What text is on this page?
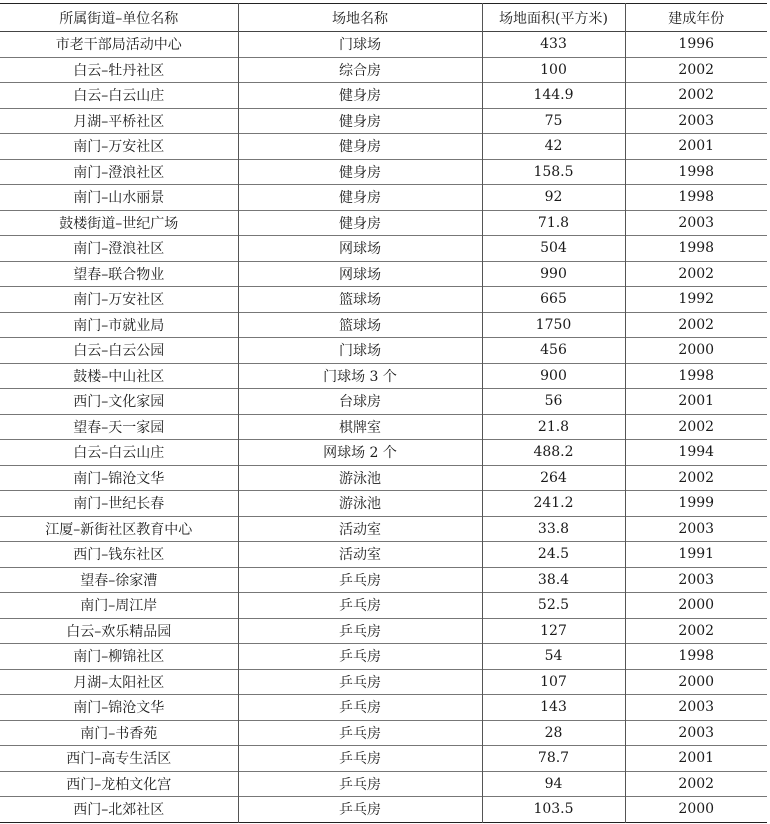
所属街道–单位名称	场地名称	场地面积(平方米)	建成年份
市老干部局活动中心	门球场	433	1996
白云–牡丹社区	综合房	100	2002
白云–白云山庄	健身房	144.9	2002
月湖–平桥社区	健身房	75	2003
南门–万安社区	健身房	42	2001
南门–澄浪社区	健身房	158.5	1998
南门–山水丽景	健身房	92	1998
鼓楼街道–世纪广场	健身房	71.8	2003
南门–澄浪社区	网球场	504	1998
望春–联合物业	网球场	990	2002
南门–万安社区	篮球场	665	1992
南门–市就业局	篮球场	1750	2002
白云–白云公园	门球场	456	2000
鼓楼–中山社区	门球场 3 个	900	1998
西门–文化家园	台球房	56	2001
望春–天一家园	棋牌室	21.8	2002
白云–白云山庄	网球场 2 个	488.2	1994
南门–锦沧文华	游泳池	264	2002
南门–世纪长春	游泳池	241.2	1999
江厦–新街社区教育中心	活动室	33.8	2003
西门–钱东社区	活动室	24.5	1991
望春–徐家漕	乒乓房	38.4	2003
南门–周江岸	乒乓房	52.5	2000
白云–欢乐精品园	乒乓房	127	2002
南门–柳锦社区	乒乓房	54	1998
月湖–太阳社区	乒乓房	107	2000
南门–锦沧文华	乒乓房	143	2003
南门–书香苑	乒乓房	28	2003
西门–高专生活区	乒乓房	78.7	2001
西门–龙柏文化宫	乒乓房	94	2002
西门–北郊社区	乒乓房	103.5	2000
